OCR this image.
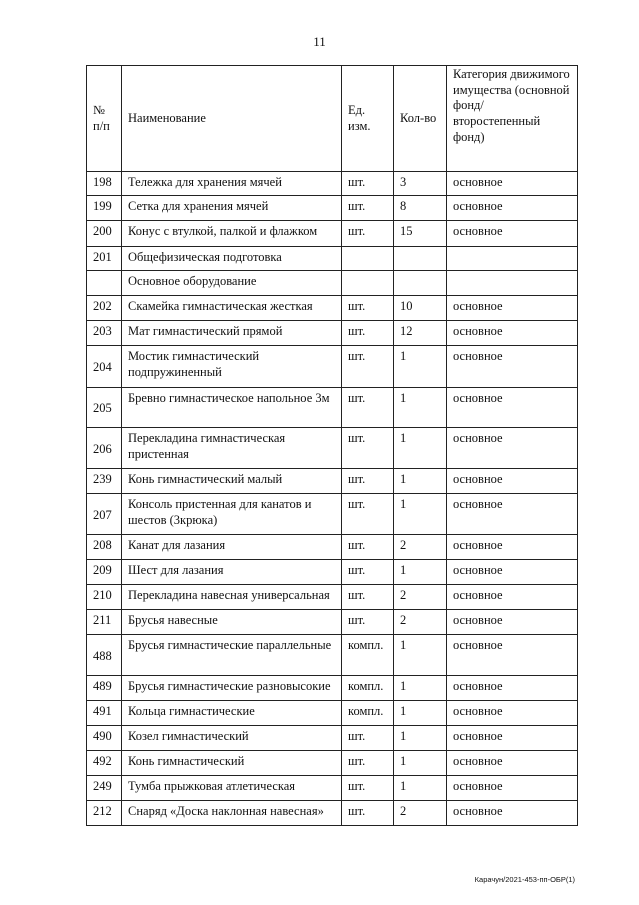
11
№ п/п	Наименование	Ед. изм.	Кол-во	Категория движимого имущества (основной фонд/ второстепенный фонд)
198	Тележка для хранения мячей	шт.	3	основное
199	Сетка для хранения мячей	шт.	8	основное
200	Конус с втулкой, палкой и флажком	шт.	15	основное
201	Общефизическая подготовка			
	Основное оборудование			
202	Скамейка гимнастическая жесткая	шт.	10	основное
203	Мат гимнастический прямой	шт.	12	основное
204	Мостик гимнастический подпружиненный	шт.	1	основное
205	Бревно гимнастическое напольное 3м	шт.	1	основное
206	Перекладина гимнастическая пристенная	шт.	1	основное
239	Конь гимнастический малый	шт.	1	основное
207	Консоль пристенная для канатов и шестов (3крюка)	шт.	1	основное
208	Канат для лазания	шт.	2	основное
209	Шест для лазания	шт.	1	основное
210	Перекладина навесная универсальная	шт.	2	основное
211	Брусья навесные	шт.	2	основное
488	Брусья гимнастические параллельные	компл.	1	основное
489	Брусья гимнастические разновысокие	компл.	1	основное
491	Кольца гимнастические	компл.	1	основное
490	Козел гимнастический	шт.	1	основное
492	Конь гимнастический	шт.	1	основное
249	Тумба прыжковая атлетическая	шт.	1	основное
212	Снаряд «Доска наклонная навесная»	шт.	2	основное
Карачун/2021-453-пп-ОБР(1)
